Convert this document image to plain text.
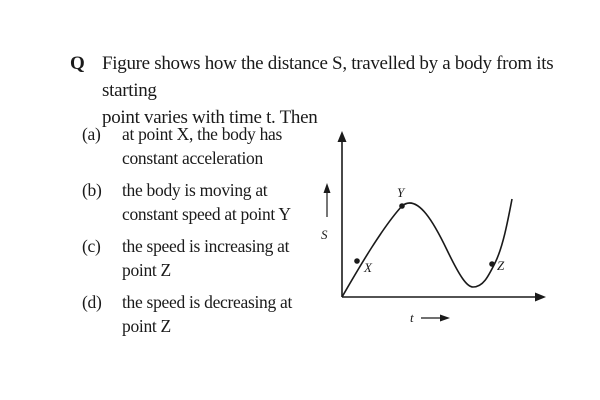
Q Figure shows how the distance S, travelled by a body from its starting
point varies with time t. Then
(a) at point X, the body has
constant acceleration
(b) the body is moving at
constant speed at point Y
(c) the speed is increasing at
point Z
(d) the speed is decreasing at
point Z
S
t
X
Y
Z
